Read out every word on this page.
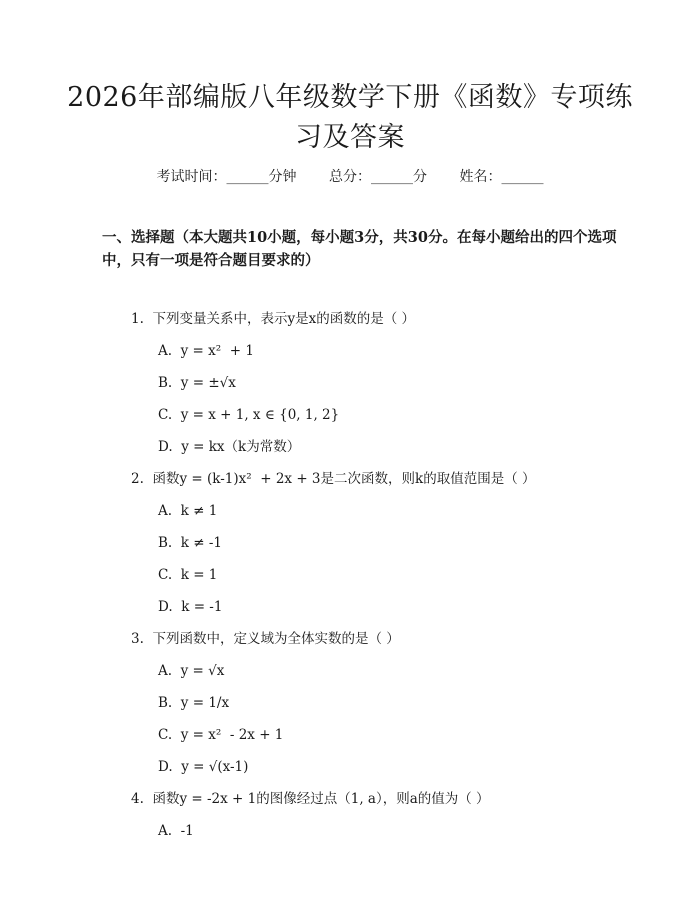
2026年部编版八年级数学下册《函数》专项练习及答案
考试时间：______分钟 总分：______分 姓名：______

一、选择题（本大题共10小题，每小题3分，共30分。在每小题给出的四个选项中，只有一项是符合题目要求的）

1.  下列变量关系中，表示y是x的函数的是（ ）
A.  y = x²  + 1
B.  y = ±√x
C.  y = x + 1, x ∈ {0, 1, 2}
D.  y = kx（k为常数）
2.  函数y = (k-1)x²  + 2x + 3是二次函数，则k的取值范围是（ ）
A.  k ≠ 1
B.  k ≠ -1
C.  k = 1
D.  k = -1
3.  下列函数中，定义域为全体实数的是（ ）
A.  y = √x
B.  y = 1/x
C.  y = x²  - 2x + 1
D.  y = √(x-1)
4.  函数y = -2x + 1的图像经过点（1, a），则a的值为（ ）
A.  -1
